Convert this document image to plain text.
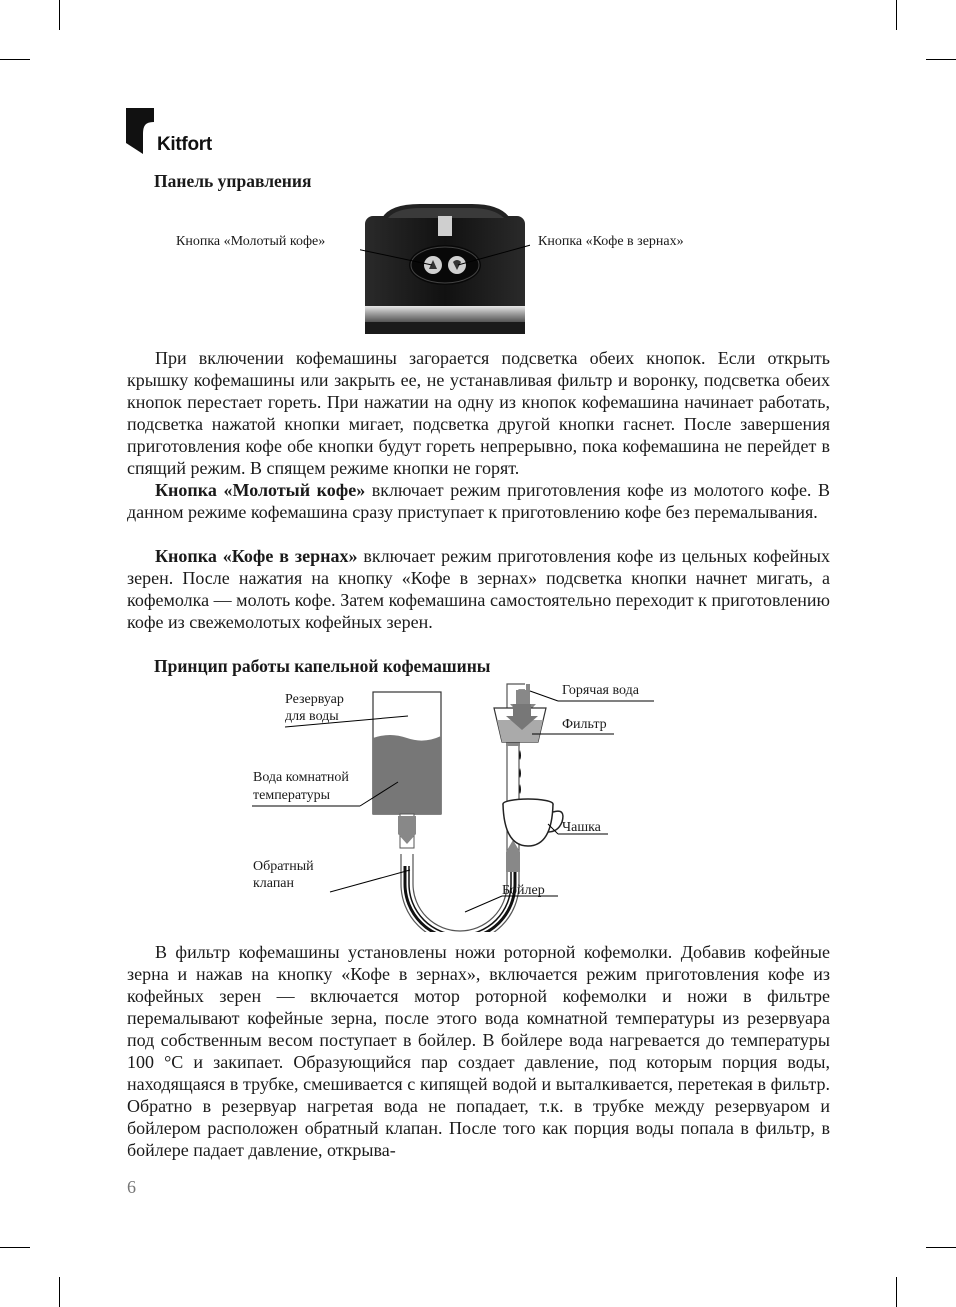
Kitfort
Панель управления
Кнопка «Молотый кофе»	Кнопка «Кофе в зернах»

При включении кофемашины загорается подсветка обеих кнопок. Если открыть крышку кофемашины или закрыть ее, не устанавливая фильтр и воронку, подсветка обеих кнопок перестает гореть. При нажатии на одну из кнопок кофемашина начинает работать, подсветка нажатой кнопки мигает, подсветка другой кнопки гаснет. После завершения приготовления кофе обе кнопки будут гореть непрерывно, пока кофемашина не перейдет в спящий режим. В спящем режиме кнопки не горят.

Кнопка «Молотый кофе» включает режим приготовления кофе из молотого кофе. В данном режиме кофемашина сразу приступает к приготовлению кофе без перемалывания.

Кнопка «Кофе в зернах» включает режим приготовления кофе из цельных кофейных зерен. После нажатия на кнопку «Кофе в зернах» подсветка кнопки начнет мигать, а кофемолка — молоть кофе. Затем кофемашина самостоятельно переходит к приготовлению кофе из свежемолотых кофейных зерен.

Принцип работы капельной кофемашины
Резервуар
для воды
Вода комнатной
температуры
Обратный
клапан
Горячая вода
Фильтр
Чашка
Бойлер

В фильтр кофемашины установлены ножи роторной кофемолки. Добавив кофейные зерна и нажав на кнопку «Кофе в зернах», включается режим приготовления кофе из кофейных зерен — включается мотор роторной кофемолки и ножи в фильтре перемалывают кофейные зерна, после этого вода комнатной температуры из резервуара под собственным весом поступает в бойлер. В бойлере вода нагревается до температуры 100 °С и закипает. Образующийся пар создает давление, под которым порция воды, находящаяся в трубке, смешивается с кипящей водой и выталкивается, перетекая в фильтр. Обратно в резервуар нагретая вода не попадает, т.к. в трубке между резервуаром и бойлером расположен обратный клапан. После того как порция воды попала в фильтр, в бойлере падает давление, открыва-

6
